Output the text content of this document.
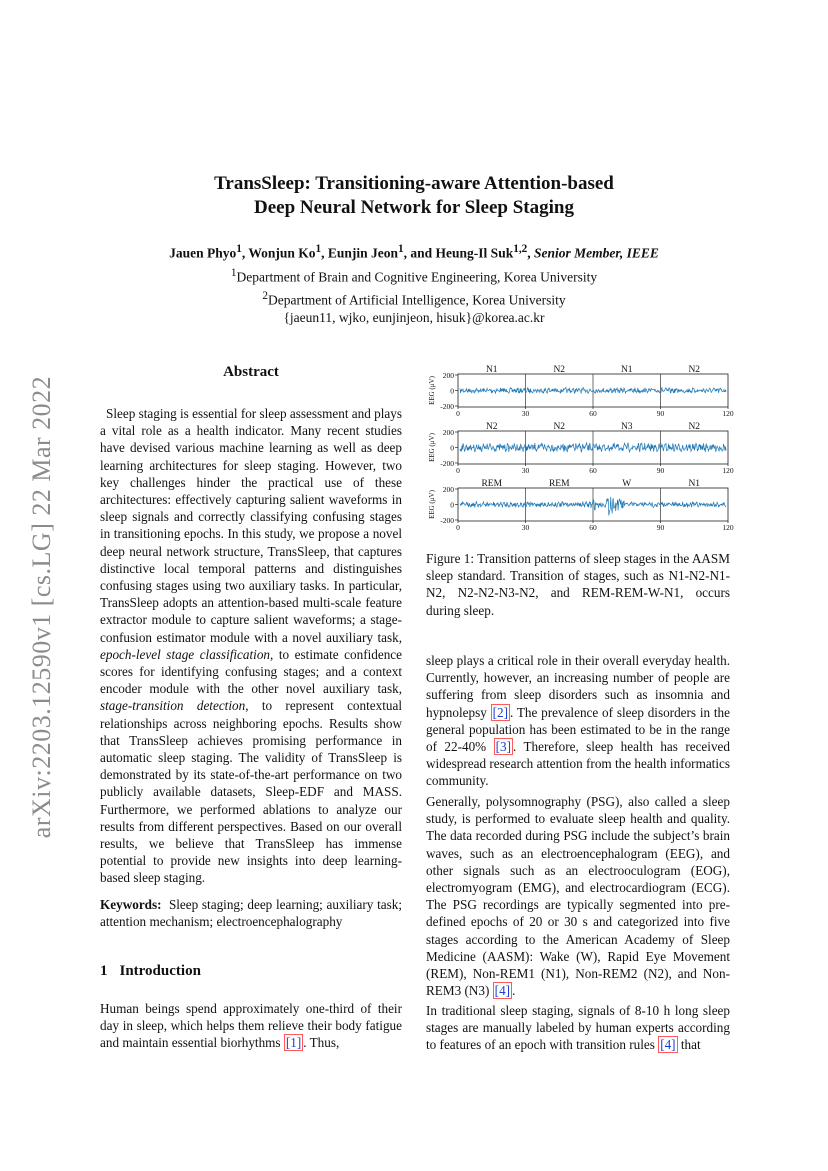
arXiv:2203.12590v1 [cs.LG] 22 Mar 2022
TransSleep: Transitioning-aware Attention-based
Deep Neural Network for Sleep Staging
Jauen Phyo$^1$, Wonjun Ko$^1$, Eunjin Jeon$^1$, and Heung-Il Suk$^{1,2}$, Senior Member, IEEE
$^1$Department of Brain and Cognitive Engineering, Korea University
$^2$Department of Artificial Intelligence, Korea University
{jaeun11, wjko, eunjinjeon, hisuk}@korea.ac.kr
Abstract

Sleep staging is essential for sleep assessment and plays a vital role as a health indicator. Many recent studies have devised various machine learning as well as deep learning architectures for sleep staging. However, two key challenges hinder the practical use of these architectures: effectively capturing salient waveforms in sleep signals and correctly classifying confusing stages in transitioning epochs. In this study, we propose a novel deep neural network structure, TransSleep, that captures distinctive local temporal patterns and distinguishes confusing stages using two auxiliary tasks. In particular, TransSleep adopts an attention-based multi-scale feature extractor module to capture salient waveforms; a stage-confusion estimator module with a novel auxiliary task, epoch-level stage classification, to estimate confidence scores for identifying confusing stages; and a context encoder module with the other novel auxiliary task, stage-transition detection, to represent contextual relationships across neighboring epochs. Results show that TransSleep achieves promising performance in automatic sleep staging. The validity of TransSleep is demonstrated by its state-of-the-art performance on two publicly available datasets, Sleep-EDF and MASS. Furthermore, we performed ablations to analyze our results from different perspectives. Based on our overall results, we believe that TransSleep has immense potential to provide new insights into deep learning-based sleep staging.

Keywords: Sleep staging; deep learning; auxiliary task; attention mechanism; electroencephalography
1 Introduction
Human beings spend approximately one-third of their day in sleep, which helps them relieve their body fatigue and maintain essential biorhythms [1] . Thus,
N1	N2	N1	N2
200
0
-200
EEG (μV)
0	30	60	90	120
N2	N2	N3	N2
200
0
-200
EEG (μV)
0	30	60	90	120
REM	REM	W	N1
200
0
-200
EEG (μV)
0	30	60	90	120
Figure 1: Transition patterns of sleep stages in the AASM sleep standard. Transition of stages, such as N1-N2-N1-N2, N2-N2-N3-N2, and REM-REM-W-N1, occurs during sleep.

sleep plays a critical role in their overall everyday health. Currently, however, an increasing number of people are suffering from sleep disorders such as insomnia and hypnolepsy [2] . The prevalence of sleep disorders in the general population has been estimated to be in the range of 22-40% [3] . Therefore, sleep health has received widespread research attention from the health informatics community.

Generally, polysomnography (PSG), also called a sleep study, is performed to evaluate sleep health and quality. The data recorded during PSG include the subject’s brain waves, such as an electroencephalogram (EEG), and other signals such as an electrooculogram (EOG), electromyogram (EMG), and electrocardiogram (ECG). The PSG recordings are typically segmented into pre-defined epochs of 20 or 30 s and categorized into five stages according to the American Academy of Sleep Medicine (AASM): Wake (W), Rapid Eye Movement (REM), Non-REM1 (N1), Non-REM2 (N2), and Non-REM3 (N3) [4] .

In traditional sleep staging, signals of 8-10 h long sleep stages are manually labeled by human experts according to features of an epoch with transition rules [4] that
